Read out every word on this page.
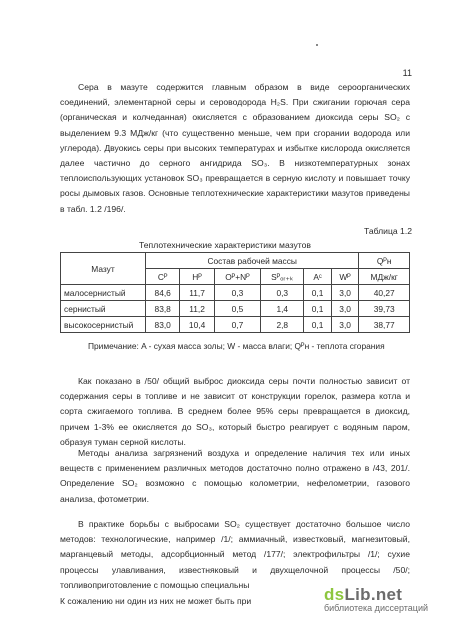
11

Сера в мазуте содержится главным образом в виде сероорганических соединений, элементарной серы и сероводорода H₂S. При сжигании горючая сера (органическая и колчеданная) окисляется с образованием диоксида серы SO₂ с выделением 9.3 МДж/кг (что существенно меньше, чем при сгорании водорода или углерода). Двуокись серы при высоких температурах и избытке кислорода окисляется далее частично до серного ангидрида SO₃. В низкотемпературных зонах теплоиспользующих установок SO₃ превращается в серную кислоту и повышает точку росы дымовых газов. Основные теплотехнические характеристики мазутов приведены в табл. 1.2 /196/.

Таблица 1.2
Теплотехнические характеристики мазутов
Мазут	Состав рабочей массы						Qᴾн
	Cᴾ	Hᴾ	Oᴾ+Nᴾ	Sᴾₒᵣ₊ₖ	Aᶜ	Wᴾ	МДж/кг
малосернистый	84,6	11,7	0,3	0,3	0,1	3,0	40,27
сернистый	83,8	11,2	0,5	1,4	0,1	3,0	39,73
высокосернистый	83,0	10,4	0,7	2,8	0,1	3,0	38,77
Примечание: A - сухая масса золы; W - масса влаги; Qᴾн - теплота сгорания

Как показано в /50/ общий выброс диоксида серы почти полностью зависит от содержания серы в топливе и не зависит от конструкции горелок, размера котла и сорта сжигаемого топлива. В среднем более 95% серы превращается в диоксид, причем 1-3% ее окисляется до SO₃, который быстро реагирует с водяным паром, образуя туман серной кислоты.

Методы анализа загрязнений воздуха и определение наличия тех или иных веществ с применением различных методов достаточно полно отражено в /43, 201/. Определение SO₂ возможно с помощью колометрии, нефелометрии, газового анализа, фотометрии.

В практике борьбы с выбросами SO₂ существует достаточно большое число методов: технологические, например /1/; аммиачный, известковый, магнезитовый, марганцевый методы, адсорбционный метод /177/; электрофильтры /1/; сухие процессы улавливания, известняковый и двухщелочной процессы /50/; топливоприготовление с помощью специальны

К сожалению ни один из них не может быть при	dsLib.net
библиотека диссертаций
